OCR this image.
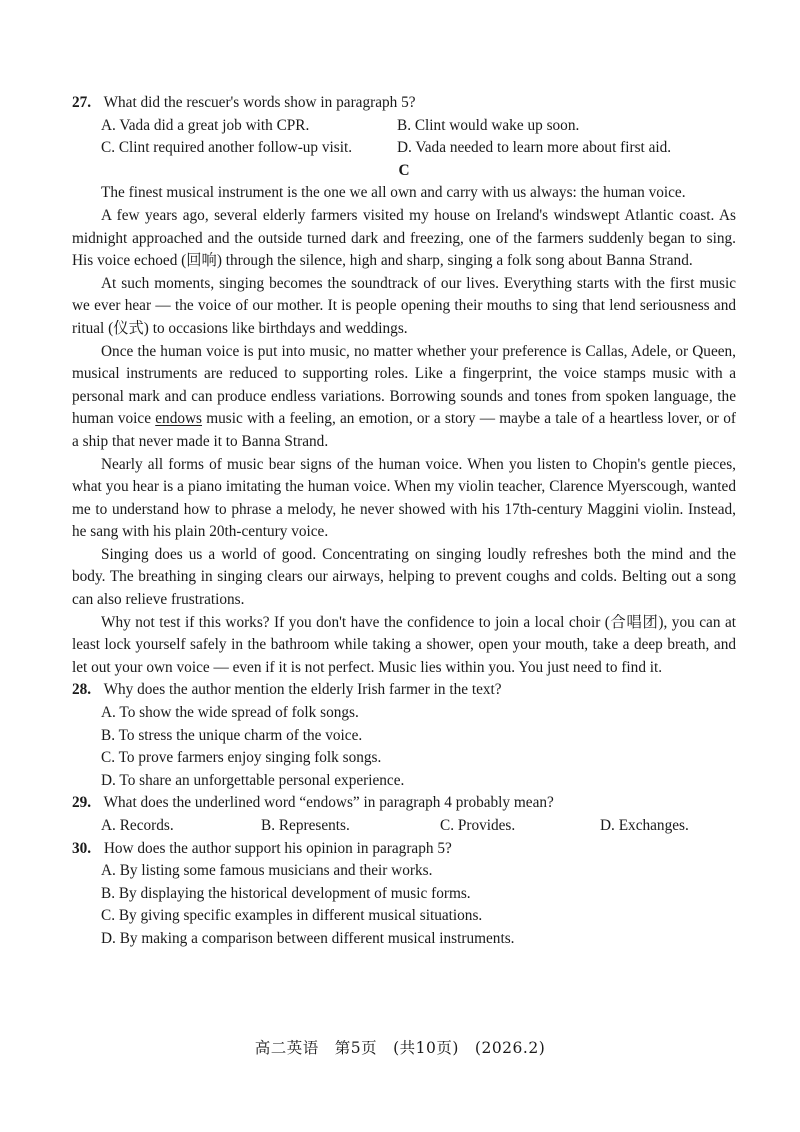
27. What did the rescuer's words show in paragraph 5?
A. Vada did a great job with CPR.	B. Clint would wake up soon.
C. Clint required another follow-up visit.	D. Vada needed to learn more about first aid.
C

The finest musical instrument is the one we all own and carry with us always: the human voice.

A few years ago, several elderly farmers visited my house on Ireland's windswept Atlantic coast. As midnight approached and the outside turned dark and freezing, one of the farmers suddenly began to sing. His voice echoed (回响) through the silence, high and sharp, singing a folk song about Banna Strand.

At such moments, singing becomes the soundtrack of our lives. Everything starts with the first music we ever hear — the voice of our mother. It is people opening their mouths to sing that lend seriousness and ritual (仪式) to occasions like birthdays and weddings.

Once the human voice is put into music, no matter whether your preference is Callas, Adele, or Queen, musical instruments are reduced to supporting roles. Like a fingerprint, the voice stamps music with a personal mark and can produce endless variations. Borrowing sounds and tones from spoken language, the human voice endows music with a feeling, an emotion, or a story — maybe a tale of a heartless lover, or of a ship that never made it to Banna Strand.

Nearly all forms of music bear signs of the human voice. When you listen to Chopin's gentle pieces, what you hear is a piano imitating the human voice. When my violin teacher, Clarence Myerscough, wanted me to understand how to phrase a melody, he never showed with his 17th-century Maggini violin. Instead, he sang with his plain 20th-century voice.

Singing does us a world of good. Concentrating on singing loudly refreshes both the mind and the body. The breathing in singing clears our airways, helping to prevent coughs and colds. Belting out a song can also relieve frustrations.

Why not test if this works? If you don't have the confidence to join a local choir (合唱团), you can at least lock yourself safely in the bathroom while taking a shower, open your mouth, take a deep breath, and let out your own voice — even if it is not perfect. Music lies within you. You just need to find it.

28. Why does the author mention the elderly Irish farmer in the text?
A. To show the wide spread of folk songs.
B. To stress the unique charm of the voice.
C. To prove farmers enjoy singing folk songs.
D. To share an unforgettable personal experience.
29. What does the underlined word “endows” in paragraph 4 probably mean?
A. Records.	B. Represents.	C. Provides.	D. Exchanges.
30. How does the author support his opinion in paragraph 5?
A. By listing some famous musicians and their works.
B. By displaying the historical development of music forms.
C. By giving specific examples in different musical situations.
D. By making a comparison between different musical instruments.
高二英语　第5页　(共10页)　(2026.2)
